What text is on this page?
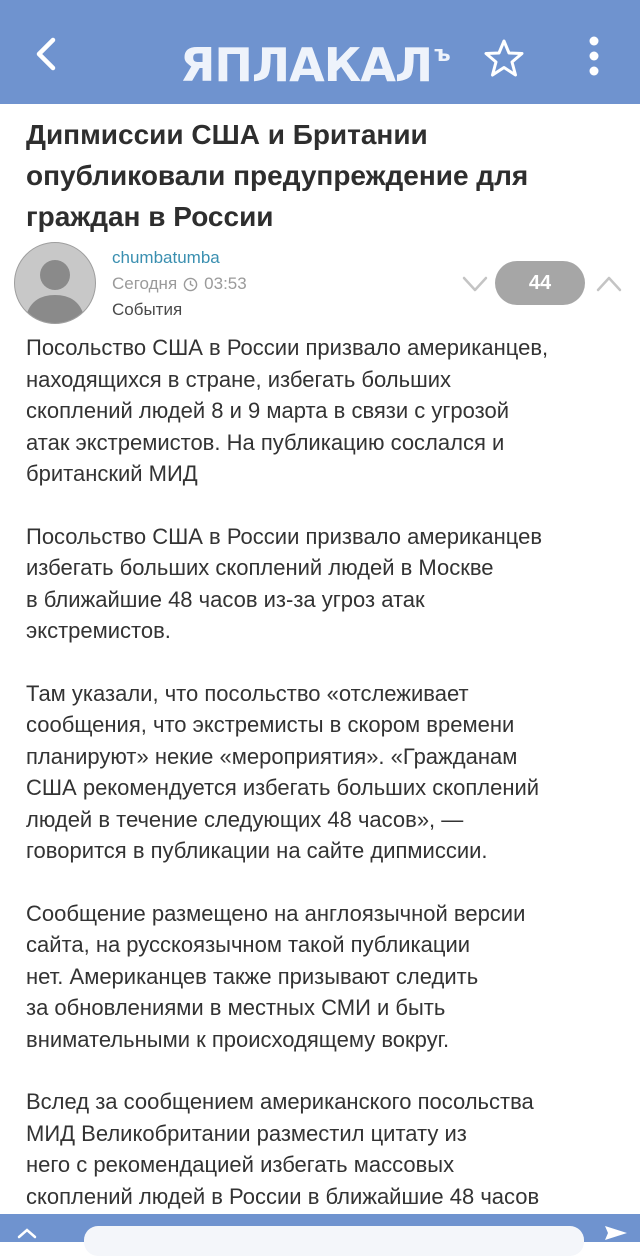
$ЯПЛАКАЛ^ъ$
Дипмиссии США и Британии опубликовали предупреждение для граждан в России
chumbatumba
Сегодня 03:53
События
44

Посольство США в России призвало американцев,
находящихся в стране, избегать больших
скоплений людей 8 и 9 марта в связи с угрозой
атак экстремистов. На публикацию сослался и
британский МИД

Посольство США в России призвало американцев
избегать больших скоплений людей в Москве
в ближайшие 48 часов из-за угроз атак
экстремистов.

Там указали, что посольство «отслеживает
сообщения, что экстремисты в скором времени
планируют» некие «мероприятия». «Гражданам
США рекомендуется избегать больших скоплений
людей в течение следующих 48 часов», —
говорится в публикации на сайте дипмиссии.

Сообщение размещено на англоязычной версии
сайта, на русскоязычном такой публикации
нет. Американцев также призывают следить
за обновлениями в местных СМИ и быть
внимательными к происходящему вокруг.

Вслед за сообщением американского посольства
МИД Великобритании разместил цитату из
него с рекомендацией избегать массовых
скоплений людей в России в ближайшие 48 часов
